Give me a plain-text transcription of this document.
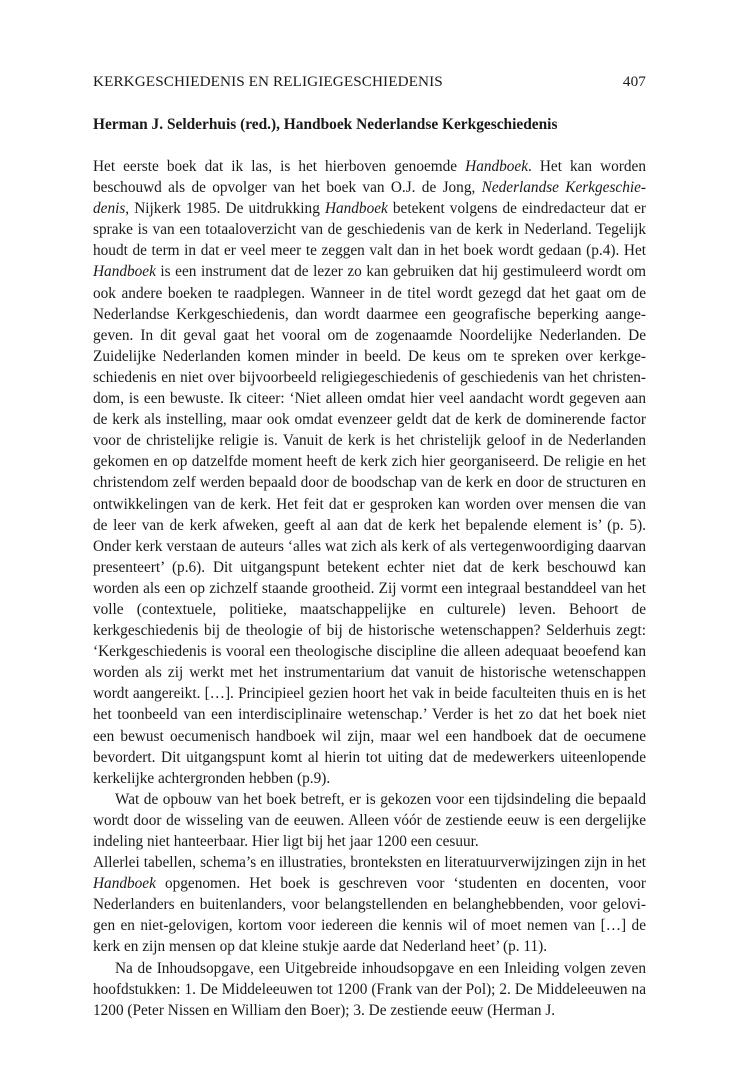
KERKGESCHIEDENIS EN RELIGIEGESCHIEDENIS	407
Herman J. Selderhuis (red.), Handboek Nederlandse Kerkgeschiedenis

Het eerste boek dat ik las, is het hierboven genoemde Handboek. Het kan worden beschouwd als de opvolger van het boek van O.J. de Jong, Nederlandse Kerkgeschiedenis, Nijkerk 1985. De uitdrukking Handboek betekent volgens de eindredacteur dat er sprake is van een totaaloverzicht van de geschiedenis van de kerk in Nederland. Tegelijk houdt de term in dat er veel meer te zeggen valt dan in het boek wordt gedaan (p.4). Het Handboek is een instrument dat de lezer zo kan gebruiken dat hij gestimuleerd wordt om ook andere boeken te raadplegen. Wanneer in de titel wordt gezegd dat het gaat om de Nederlandse Kerkgeschiedenis, dan wordt daarmee een geografische beperking aangegeven. In dit geval gaat het vooral om de zogenaamde Noordelijke Nederlanden. De Zuidelijke Nederlanden komen minder in beeld. De keus om te spreken over kerkgeschiedenis en niet over bijvoorbeeld religiegeschiedenis of geschiedenis van het christendom, is een bewuste. Ik citeer: ‘Niet alleen omdat hier veel aandacht wordt gegeven aan de kerk als instelling, maar ook omdat evenzeer geldt dat de kerk de dominerende factor voor de christelijke religie is. Vanuit de kerk is het christelijk geloof in de Nederlanden gekomen en op datzelfde moment heeft de kerk zich hier georganiseerd. De religie en het christendom zelf werden bepaald door de boodschap van de kerk en door de structuren en ontwikkelingen van de kerk. Het feit dat er gesproken kan worden over mensen die van de leer van de kerk afweken, geeft al aan dat de kerk het bepalende element is’ (p. 5). Onder kerk verstaan de auteurs ‘alles wat zich als kerk of als vertegenwoordiging daarvan presenteert’ (p.6). Dit uitgangspunt betekent echter niet dat de kerk beschouwd kan worden als een op zichzelf staande grootheid. Zij vormt een integraal bestanddeel van het volle (contextuele, politieke, maatschappelijke en culturele) leven. Behoort de kerkgeschiedenis bij de theologie of bij de historische wetenschappen? Selderhuis zegt: ‘Kerkgeschiedenis is vooral een theologische discipline die alleen adequaat beoefend kan worden als zij werkt met het instrumentarium dat vanuit de historische wetenschappen wordt aangereikt. […]. Principieel gezien hoort het vak in beide faculteiten thuis en is het het toonbeeld van een interdisciplinaire wetenschap.’ Verder is het zo dat het boek niet een bewust oecumenisch handboek wil zijn, maar wel een handboek dat de oecumene bevordert. Dit uitgangspunt komt al hierin tot uiting dat de medewerkers uiteenlopende kerkelijke achtergronden hebben (p.9).

Wat de opbouw van het boek betreft, er is gekozen voor een tijdsindeling die bepaald wordt door de wisseling van de eeuwen. Alleen vóór de zestiende eeuw is een dergelijke indeling niet hanteerbaar. Hier ligt bij het jaar 1200 een cesuur.

Allerlei tabellen, schema’s en illustraties, bronteksten en literatuurverwijzingen zijn in het Handboek opgenomen. Het boek is geschreven voor ‘studenten en docenten, voor Nederlanders en buitenlanders, voor belangstellenden en belanghebbenden, voor gelovigen en niet-gelovigen, kortom voor iedereen die kennis wil of moet nemen van […] de kerk en zijn mensen op dat kleine stukje aarde dat Nederland heet’ (p. 11).

Na de Inhoudsopgave, een Uitgebreide inhoudsopgave en een Inleiding volgen zeven hoofdstukken: 1. De Middeleeuwen tot 1200 (Frank van der Pol); 2. De Middeleeuwen na 1200 (Peter Nissen en William den Boer); 3. De zestiende eeuw (Herman J.
